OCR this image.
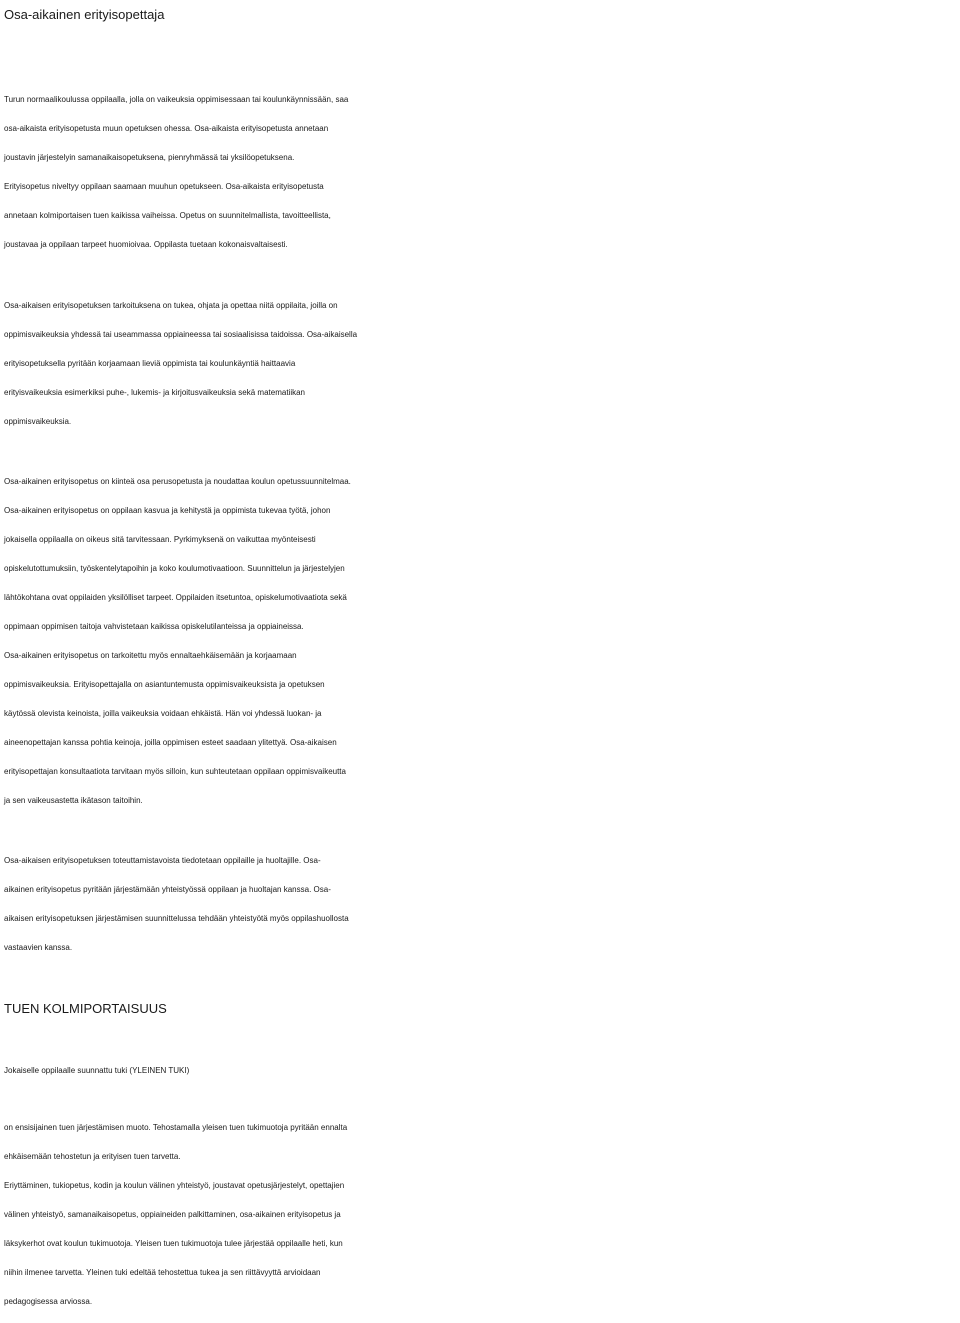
Osa-aikainen erityisopettaja
Turun normaalikoulussa oppilaalla, jolla on vaikeuksia oppimisessaan tai koulunkäynnissään, saa
osa-aikaista erityisopetusta muun opetuksen ohessa. Osa-aikaista erityisopetusta annetaan
joustavin järjestelyin samanaikaisopetuksena, pienryhmässä tai yksilöopetuksena.
Erityisopetus niveltyy oppilaan saamaan muuhun opetukseen. Osa-aikaista erityisopetusta
annetaan kolmiportaisen tuen kaikissa vaiheissa. Opetus on suunnitelmallista, tavoitteellista,
joustavaa ja oppilaan tarpeet huomioivaa. Oppilasta tuetaan kokonaisvaltaisesti.
Osa-aikaisen erityisopetuksen tarkoituksena on tukea, ohjata ja opettaa niitä oppilaita, joilla on
oppimisvaikeuksia yhdessä tai useammassa oppiaineessa tai sosiaalisissa taidoissa. Osa-aikaisella
erityisopetuksella pyritään korjaamaan lieviä oppimista tai koulunkäyntiä haittaavia
erityisvaikeuksia esimerkiksi puhe-, lukemis- ja kirjoitusvaikeuksia sekä matematiikan
oppimisvaikeuksia.
Osa-aikainen erityisopetus on kiinteä osa perusopetusta ja noudattaa koulun opetussuunnitelmaa.
Osa-aikainen erityisopetus on oppilaan kasvua ja kehitystä ja oppimista tukevaa työtä, johon
jokaisella oppilaalla on oikeus sitä tarvitessaan. Pyrkimyksenä on vaikuttaa myönteisesti
opiskelutottumuksiin, työskentelytapoihin ja koko koulumotivaatioon. Suunnittelun ja järjestelyjen
lähtökohtana ovat oppilaiden yksilölliset tarpeet. Oppilaiden itsetuntoa, opiskelumotivaatiota sekä
oppimaan oppimisen taitoja vahvistetaan kaikissa opiskelutilanteissa ja oppiaineissa.
Osa-aikainen erityisopetus on tarkoitettu myös ennaltaehkäisemään ja korjaamaan
oppimisvaikeuksia. Erityisopettajalla on asiantuntemusta oppimisvaikeuksista ja opetuksen
käytössä olevista keinoista, joilla vaikeuksia voidaan ehkäistä. Hän voi yhdessä luokan- ja
aineenopettajan kanssa pohtia keinoja, joilla oppimisen esteet saadaan ylitettyä. Osa-aikaisen
erityisopettajan konsultaatiota tarvitaan myös silloin, kun suhteutetaan oppilaan oppimisvaikeutta
ja sen vaikeusastetta ikätason taitoihin.
Osa-aikaisen erityisopetuksen toteuttamistavoista tiedotetaan oppilaille ja huoltajille. Osa-
aikainen erityisopetus pyritään järjestämään yhteistyössä oppilaan ja huoltajan kanssa. Osa-
aikaisen erityisopetuksen järjestämisen suunnittelussa tehdään yhteistyötä myös oppilashuollosta
vastaavien kanssa.
TUEN KOLMIPORTAISUUS

Jokaiselle oppilaalle suunnattu tuki (YLEINEN TUKI)

on ensisijainen tuen järjestämisen muoto. Tehostamalla yleisen tuen tukimuotoja pyritään ennalta
ehkäisemään tehostetun ja erityisen tuen tarvetta.
Eriyttäminen, tukiopetus, kodin ja koulun välinen yhteistyö, joustavat opetusjärjestelyt, opettajien
välinen yhteistyö, samanaikaisopetus, oppiaineiden palkittaminen, osa-aikainen erityisopetus ja
läksykerhot ovat koulun tukimuotoja. Yleisen tuen tukimuotoja tulee järjestää oppilaalle heti, kun
niihin ilmenee tarvetta. Yleinen tuki edeltää tehostettua tukea ja sen riittävyyttä arvioidaan
pedagogisessa arviossa.
